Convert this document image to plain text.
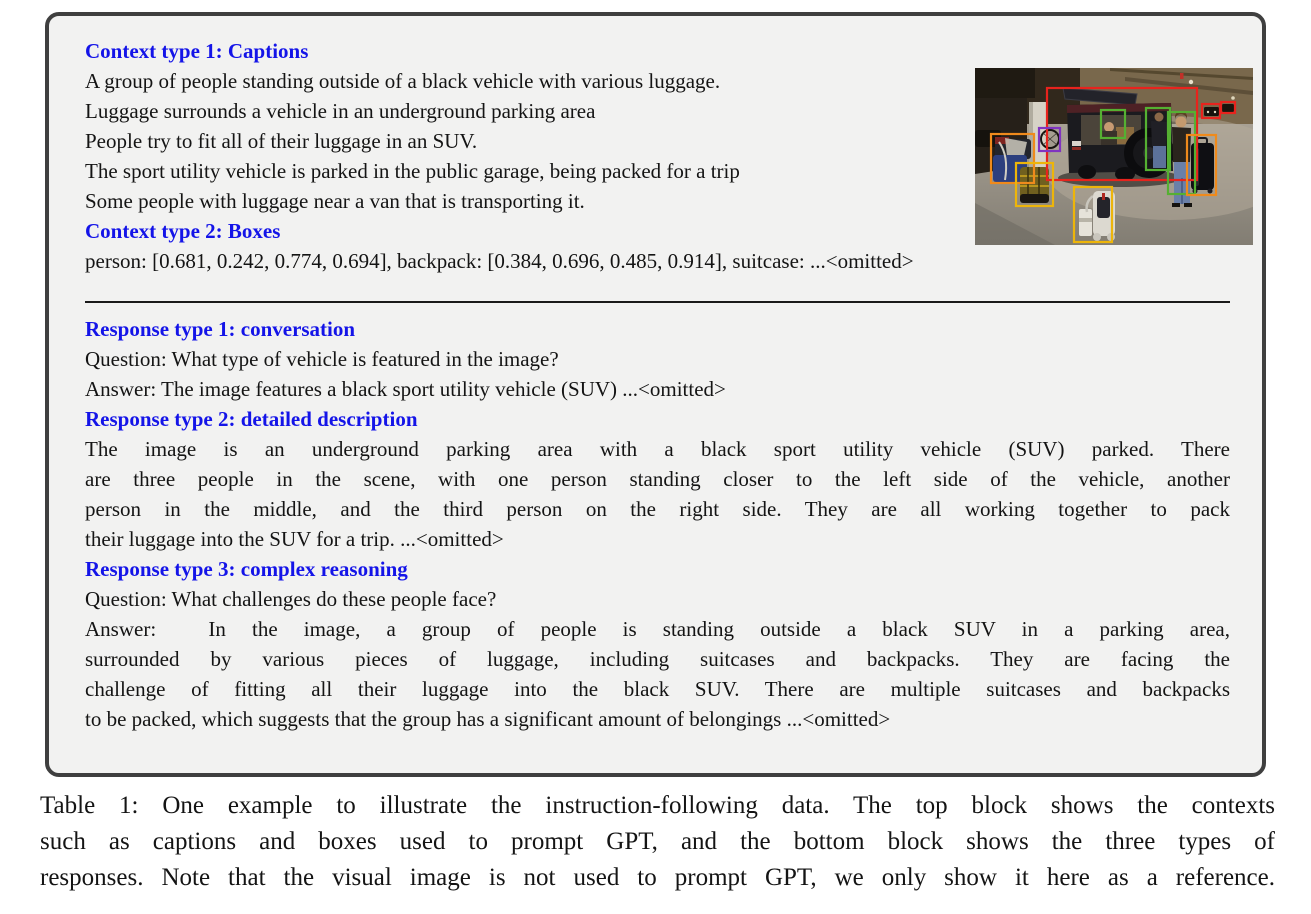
Context type 1: Captions
A group of people standing outside of a black vehicle with various luggage.
Luggage surrounds a vehicle in an underground parking area
People try to fit all of their luggage in an SUV.
The sport utility vehicle is parked in the public garage, being packed for a trip
Some people with luggage near a van that is transporting it.
Context type 2: Boxes
person: [0.681, 0.242, 0.774, 0.694], backpack: [0.384, 0.696, 0.485, 0.914], suitcase: ...<omitted>
Response type 1: conversation
Question: What type of vehicle is featured in the image?
Answer: The image features a black sport utility vehicle (SUV) ...<omitted>
Response type 2: detailed description
The image is an underground parking area with a black sport utility vehicle (SUV) parked. There
are three people in the scene, with one person standing closer to the left side of the vehicle, another
person in the middle, and the third person on the right side. They are all working together to pack
their luggage into the SUV for a trip. ...<omitted>
Response type 3: complex reasoning
Question: What challenges do these people face?
Answer:  In the image, a group of people is standing outside a black SUV in a parking area,
surrounded by various pieces of luggage, including suitcases and backpacks. They are facing the
challenge of fitting all their luggage into the black SUV. There are multiple suitcases and backpacks
to be packed, which suggests that the group has a significant amount of belongings ...<omitted>
Table 1: One example to illustrate the instruction-following data. The top block shows the contexts
such as captions and boxes used to prompt GPT, and the bottom block shows the three types of
responses. Note that the visual image is not used to prompt GPT, we only show it here as a reference.
